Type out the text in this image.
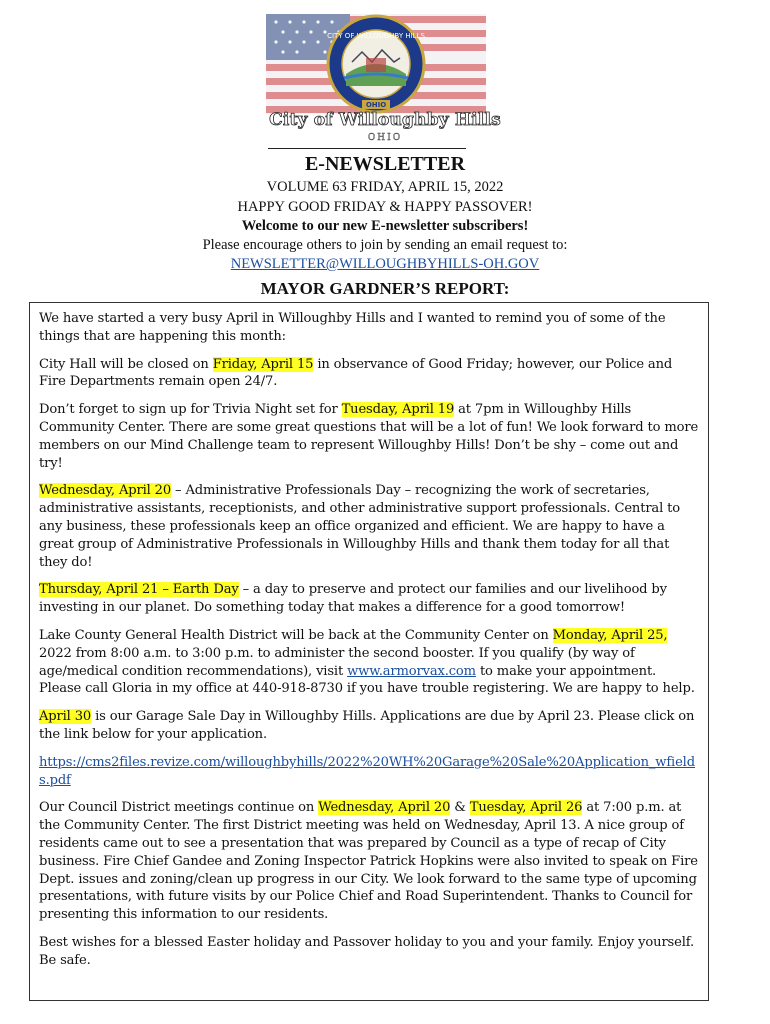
CITY OF WILLOUGHBY HILLS
OHIO
City of Willoughby Hills
OHIO
E-NEWSLETTER
VOLUME 63 FRIDAY, APRIL 15, 2022
HAPPY GOOD FRIDAY & HAPPY PASSOVER!
Welcome to our new E-newsletter subscribers!
Please encourage others to join by sending an email request to:
NEWSLETTER@WILLOUGHBYHILLS-OH.GOV
MAYOR GARDNER’S REPORT:

We have started a very busy April in Willoughby Hills and I wanted to remind you of some of the things that are happening this month:

City Hall will be closed on Friday, April 15 in observance of Good Friday; however, our Police and Fire Departments remain open 24/7.

Don’t forget to sign up for Trivia Night set for Tuesday, April 19 at 7pm in Willoughby Hills Community Center. There are some great questions that will be a lot of fun! We look forward to more members on our Mind Challenge team to represent Willoughby Hills! Don’t be shy – come out and try!

Wednesday, April 20 – Administrative Professionals Day – recognizing the work of secretaries, administrative assistants, receptionists, and other administrative support professionals. Central to any business, these professionals keep an office organized and efficient. We are happy to have a great group of Administrative Professionals in Willoughby Hills and thank them today for all that they do!

Thursday, April 21 – Earth Day – a day to preserve and protect our families and our livelihood by investing in our planet. Do something today that makes a difference for a good tomorrow!

Lake County General Health District will be back at the Community Center on Monday, April 25, 2022 from 8:00 a.m. to 3:00 p.m. to administer the second booster. If you qualify (by way of age/medical condition recommendations), visit www.armorvax.com to make your appointment. Please call Gloria in my office at 440-918-8730 if you have trouble registering. We are happy to help.

April 30 is our Garage Sale Day in Willoughby Hills. Applications are due by April 23. Please click on the link below for your application.

https://cms2files.revize.com/willoughbyhills/2022%20WH%20Garage%20Sale%20Application_wfields.pdf

Our Council District meetings continue on Wednesday, April 20 & Tuesday, April 26 at 7:00 p.m. at the Community Center. The first District meeting was held on Wednesday, April 13. A nice group of residents came out to see a presentation that was prepared by Council as a type of recap of City business. Fire Chief Gandee and Zoning Inspector Patrick Hopkins were also invited to speak on Fire Dept. issues and zoning/clean up progress in our City. We look forward to the same type of upcoming presentations, with future visits by our Police Chief and Road Superintendent. Thanks to Council for presenting this information to our residents.

Best wishes for a blessed Easter holiday and Passover holiday to you and your family. Enjoy yourself. Be safe.
